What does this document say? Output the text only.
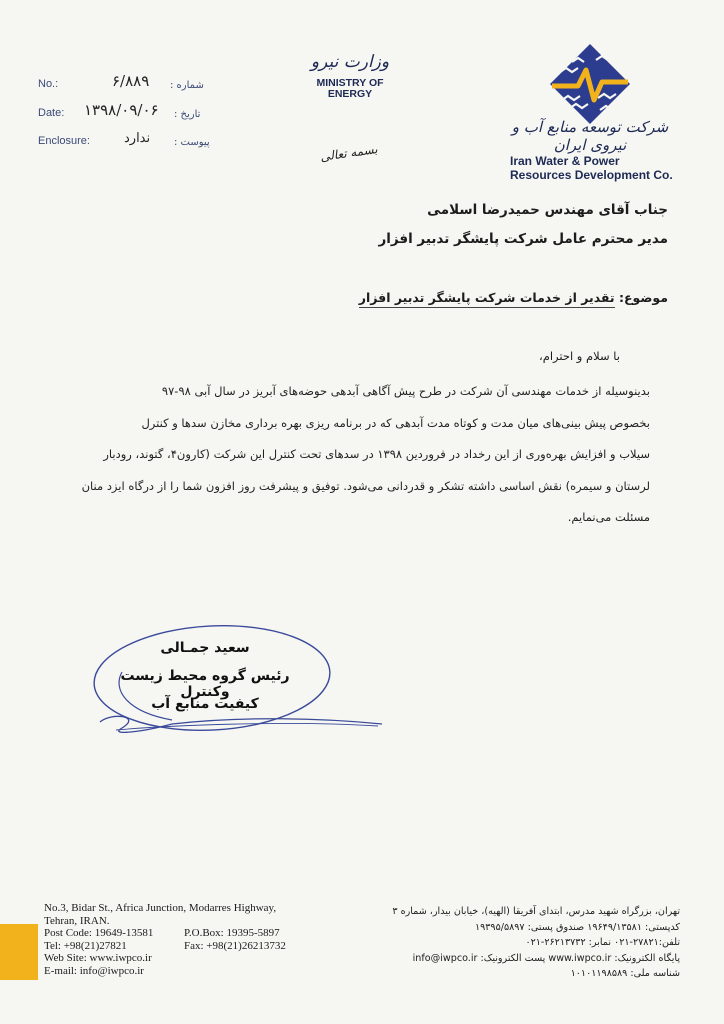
No.:	۶/۸۸۹ شماره :
Date: ۱۳۹۸/۰۹/۰۶ تاریخ :
Enclosure:	ندارد پیوست :
وزارت نیرو
MINISTRY OF
ENERGY
بسمه تعالی
شرکت توسعه منابع آب و نیروی ایران
Iran Water & Power
Resources Development Co.
جناب آقای مهندس حمیدرضا اسلامی
مدیر محترم عامل شرکت پایشگر تدبیر افزار
موضوع: تقدیر از خدمات شرکت پایشگر تدبیر افزار
با سلام و احترام،
بدینوسیله از خدمات مهندسی آن شرکت در طرح پیش آگاهی آبدهی حوضه‌های آبریز در سال آبی ۹۸-۹۷
بخصوص پیش بینی‌های میان مدت و کوتاه مدت آبدهی که در برنامه ریزی بهره برداری مخازن سدها و کنترل
سیلاب و افزایش بهره‌وری از این رخداد در فروردین ۱۳۹۸ در سدهای تحت کنترل این شرکت (کارون۴، گتوند، رودبار
لرستان و سیمره) نقش اساسی داشته تشکر و قدردانی می‌شود. توفیق و پیشرفت روز افزون شما را از درگاه ایزد منان
مسئلت می‌نمایم.
سعید جمـالی
رئیس گروه محیط زیست وکنترل
کیفیت منابع آب
No.3, Bidar St., Africa Junction, Modarres Highway,
Tehran, IRAN.
Post Code: 19649-13581	P.O.Box: 19395-5897
Tel: +98(21)27821	Fax: +98(21)26213732
Web Site: www.iwpco.ir
E-mail: info@iwpco.ir
تهران، بزرگراه شهید مدرس، ابتدای آفریقا (الهیه)، خیابان بیدار، شماره ۳
کدپستی: ۱۹۶۴۹/۱۳۵۸۱ صندوق پستی: ۱۹۳۹۵/۵۸۹۷
تلفن:۲۷۸۲۱-۰۲۱ نمابر: ۲۶۲۱۳۷۳۲-۰۲۱
پایگاه الکترونیک: www.iwpco.ir پست الکترونیک: info@iwpco.ir
شناسه ملی: ۱۰۱۰۱۱۹۸۵۸۹
